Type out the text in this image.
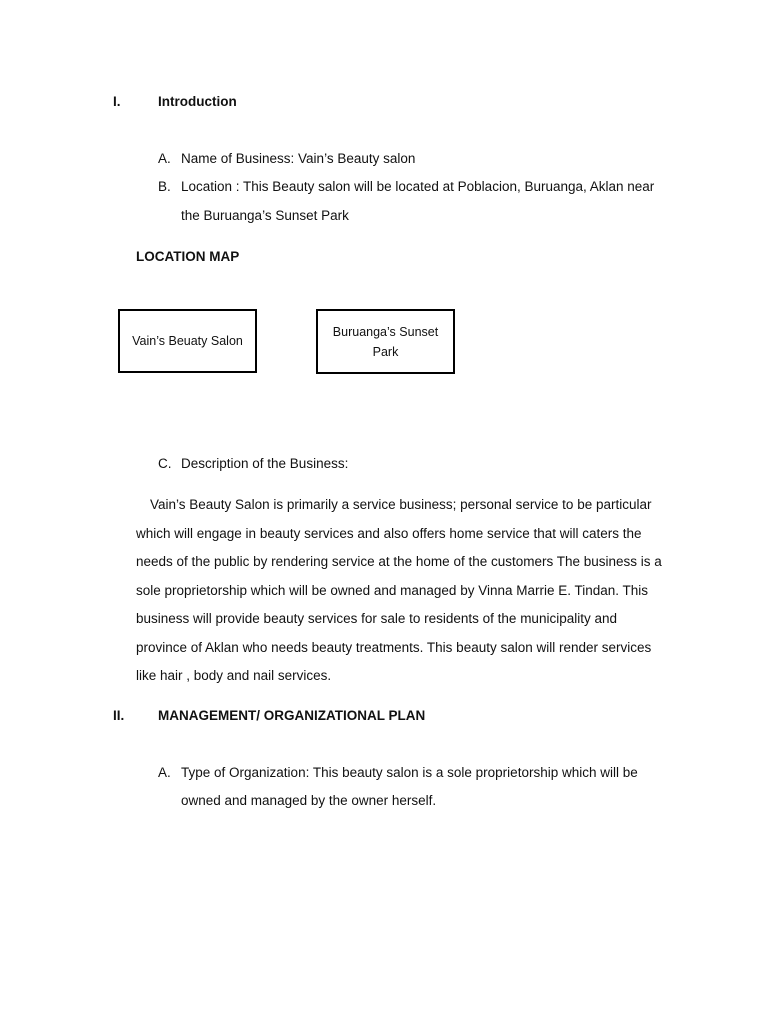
I.	Introduction
A. Name of Business: Vain’s Beauty salon
B. Location : This Beauty salon will be located at Poblacion, Buruanga, Aklan near
the Buruanga’s Sunset Park
LOCATION MAP
Vain’s Beuaty Salon
Buruanga’s Sunset Park
C. Description of the Business:
Vain’s Beauty Salon is primarily a service business; personal service to be particular
which will engage in beauty services and also offers home service that will caters the
needs of the public by rendering service at the home of the customers The business is a
sole proprietorship which will be owned and managed by Vinna Marrie E. Tindan. This
business will provide beauty services for sale to residents of the municipality and
province of Aklan who needs beauty treatments. This beauty salon will render services
like hair , body and nail services.
II. MANAGEMENT/ ORGANIZATIONAL PLAN
A. Type of Organization: This beauty salon is a sole proprietorship which will be
owned and managed by the owner herself.
